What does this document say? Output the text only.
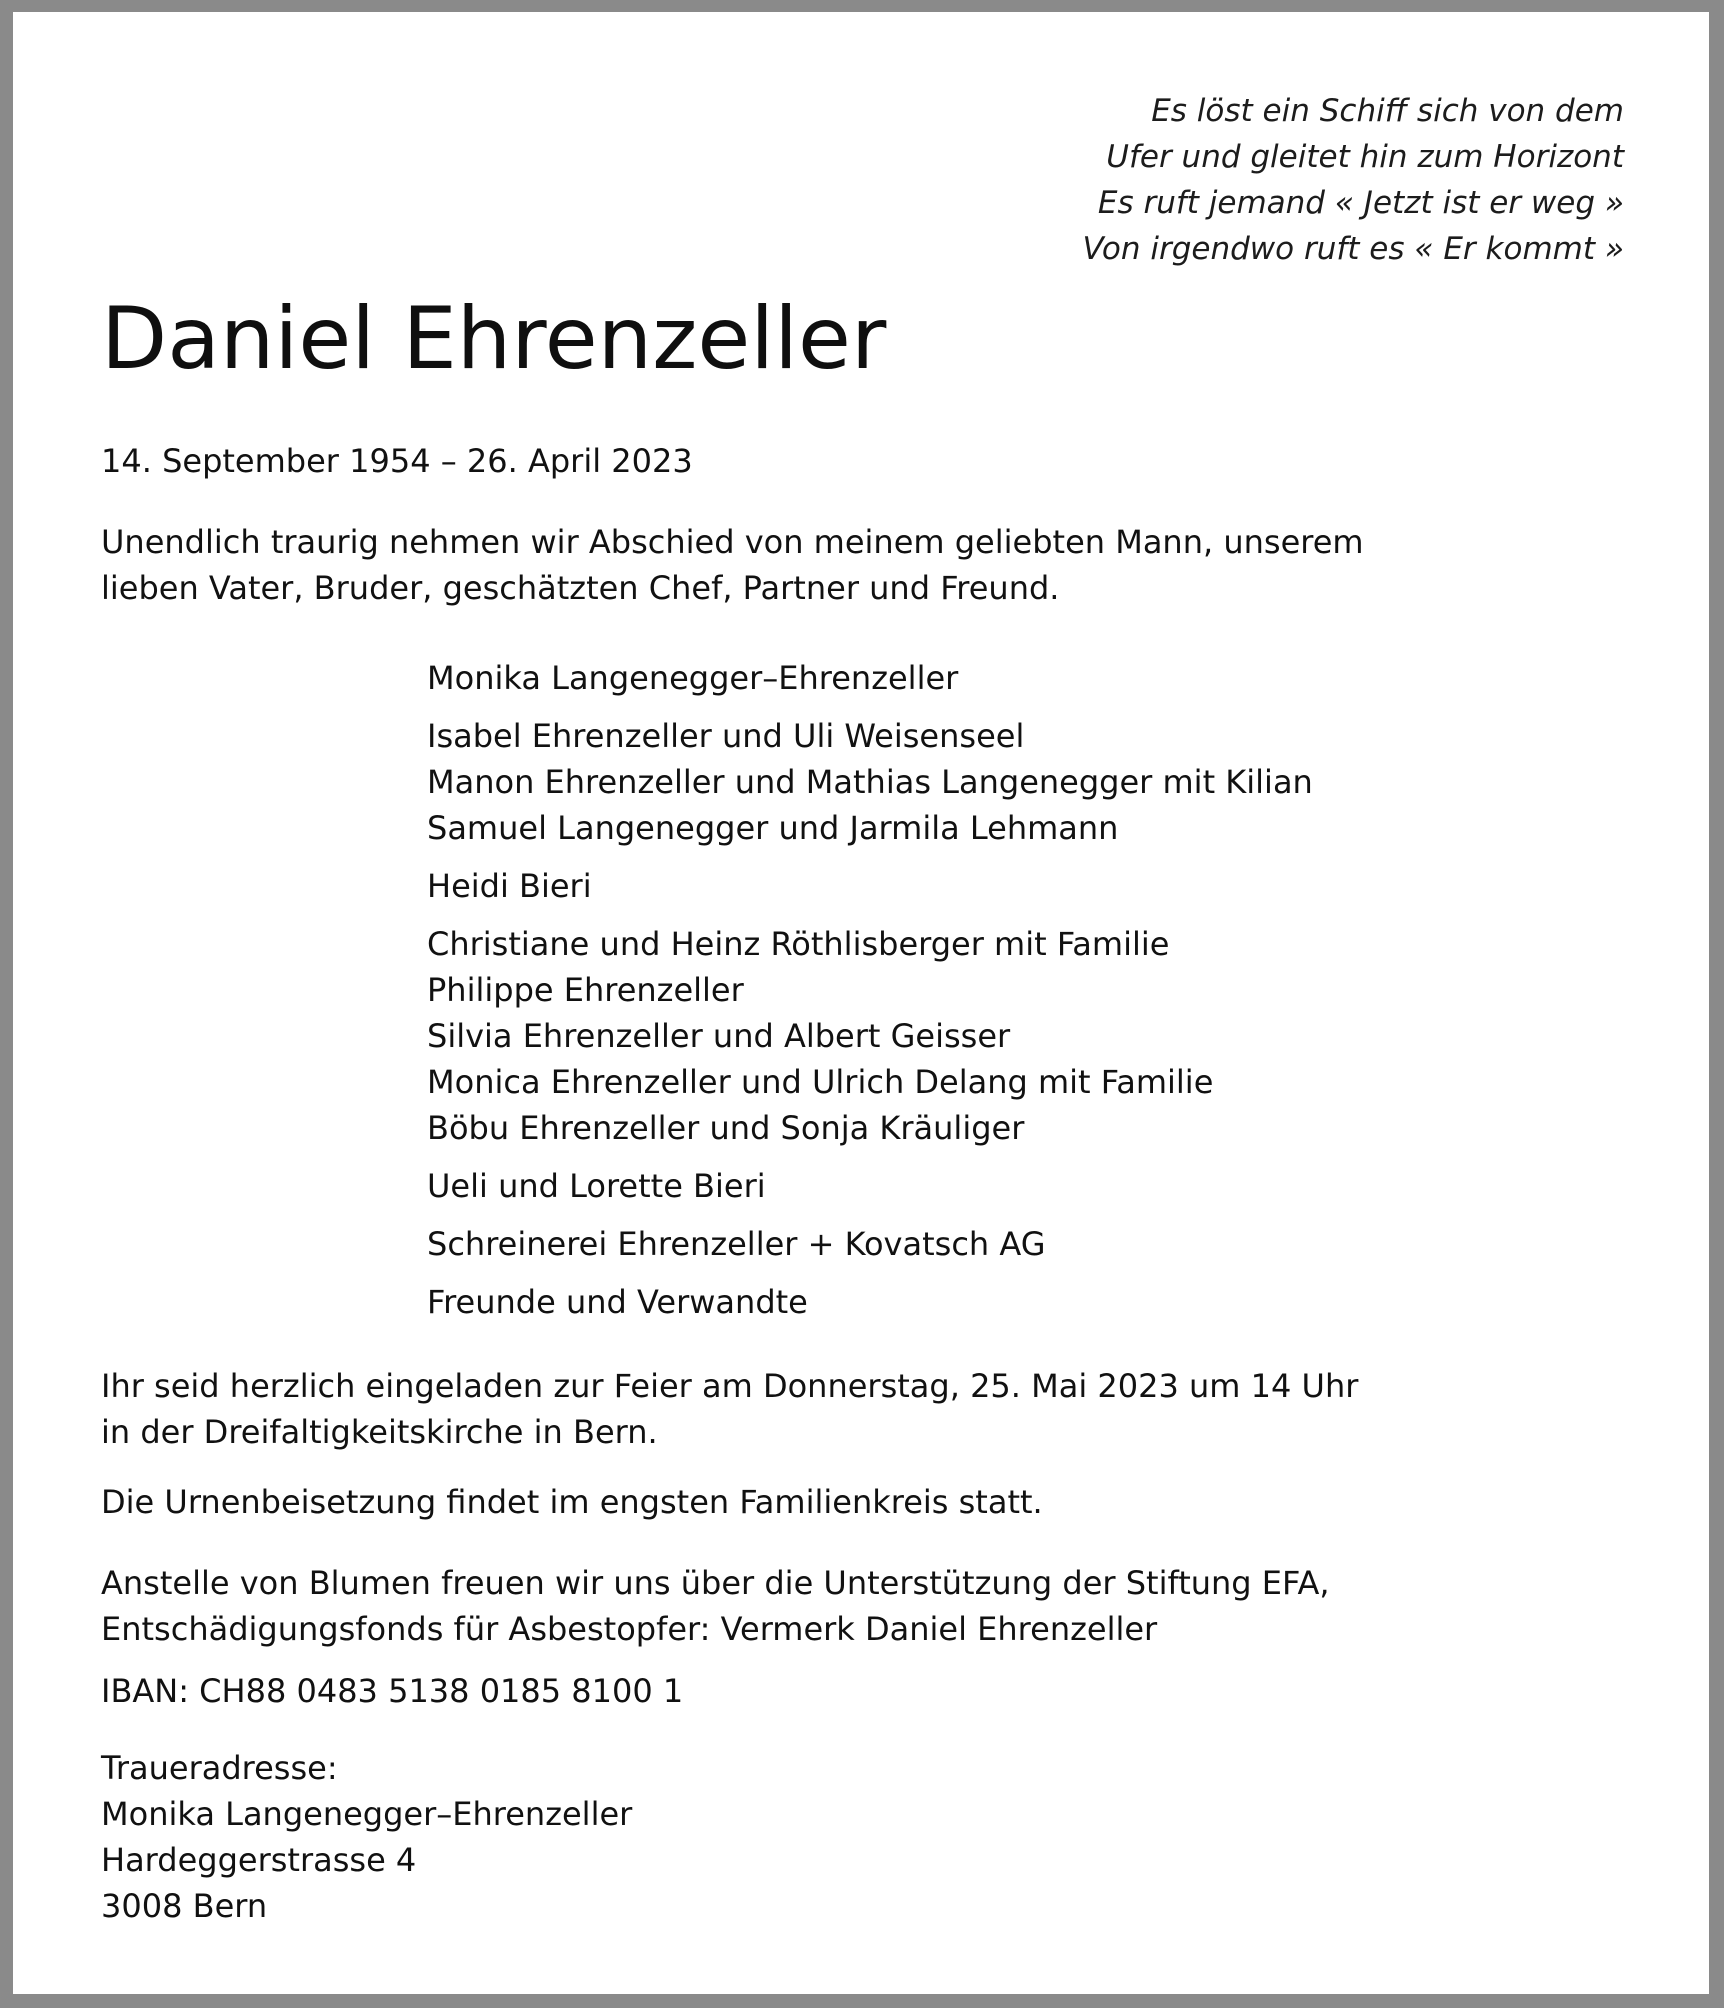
Es löst ein Schiff sich von dem
Ufer und gleitet hin zum Horizont
Es ruft jemand « Jetzt ist er weg »
Von irgendwo ruft es « Er kommt »
Daniel Ehrenzeller
14. September 1954 – 26. April 2023
Unendlich traurig nehmen wir Abschied von meinem geliebten Mann, unserem
lieben Vater, Bruder, geschätzten Chef, Partner und Freund.
Monika Langenegger–Ehrenzeller
Isabel Ehrenzeller und Uli Weisenseel
Manon Ehrenzeller und Mathias Langenegger mit Kilian
Samuel Langenegger und Jarmila Lehmann
Heidi Bieri
Christiane und Heinz Röthlisberger mit Familie
Philippe Ehrenzeller
Silvia Ehrenzeller und Albert Geisser
Monica Ehrenzeller und Ulrich Delang mit Familie
Böbu Ehrenzeller und Sonja Kräuliger
Ueli und Lorette Bieri
Schreinerei Ehrenzeller + Kovatsch AG
Freunde und Verwandte
Ihr seid herzlich eingeladen zur Feier am Donnerstag, 25. Mai 2023 um 14 Uhr
in der Dreifaltigkeitskirche in Bern.
Die Urnenbeisetzung findet im engsten Familienkreis statt.
Anstelle von Blumen freuen wir uns über die Unterstützung der Stiftung EFA,
Entschädigungsfonds für Asbestopfer: Vermerk Daniel Ehrenzeller
IBAN: CH88 0483 5138 0185 8100 1
Traueradresse:
Monika Langenegger–Ehrenzeller
Hardeggerstrasse 4
3008 Bern
